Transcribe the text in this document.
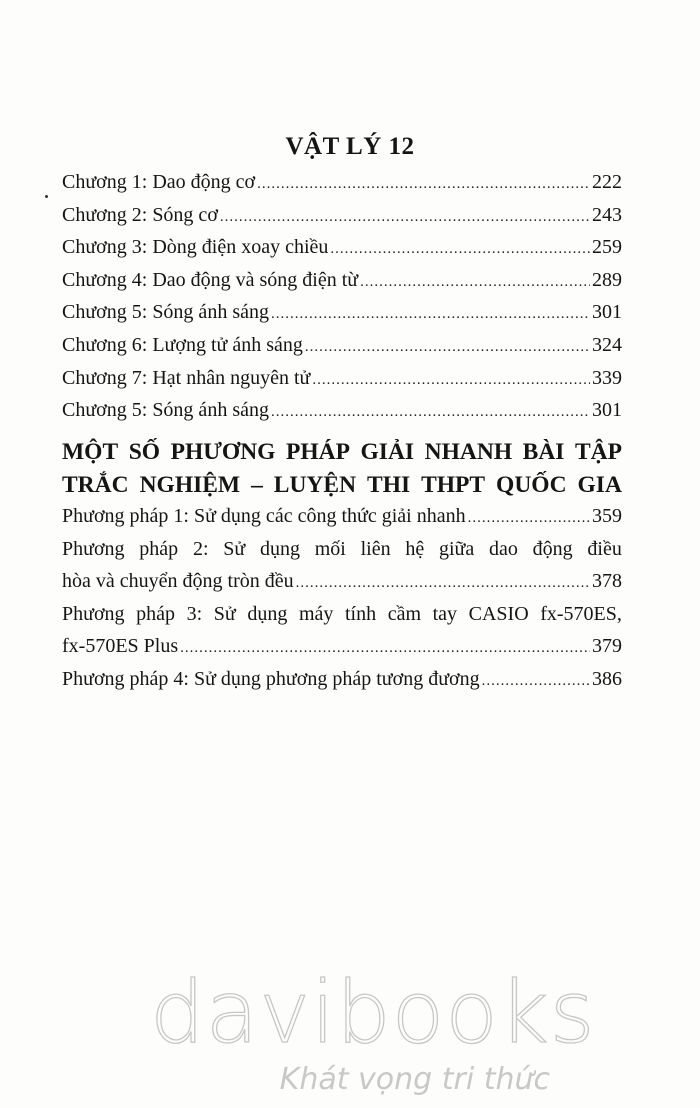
VẬT LÝ 12
Chương 1: Dao động cơ .....	222
Chương 2: Sóng cơ .....	243
Chương 3: Dòng điện xoay chiều .....	259
Chương 4: Dao động và sóng điện từ .....	289
Chương 5: Sóng ánh sáng .....	301
Chương 6: Lượng tử ánh sáng .....	324
Chương 7: Hạt nhân nguyên tử .....	339
Chương 5: Sóng ánh sáng .....	301
MỘT SỐ PHƯƠNG PHÁP GIẢI NHANH BÀI TẬP
TRẮC NGHIỆM – LUYỆN THI THPT QUỐC GIA
Phương pháp 1: Sử dụng các công thức giải nhanh .....	359
Phương pháp 2: Sử dụng mối liên hệ giữa dao động điều
hòa và chuyển động tròn đều .....	378
Phương pháp 3: Sử dụng máy tính cầm tay CASIO fx-570ES,
fx-570ES Plus .....	379
Phương pháp 4: Sử dụng phương pháp tương đương .....	386
davibooks
Khát vọng tri thức
